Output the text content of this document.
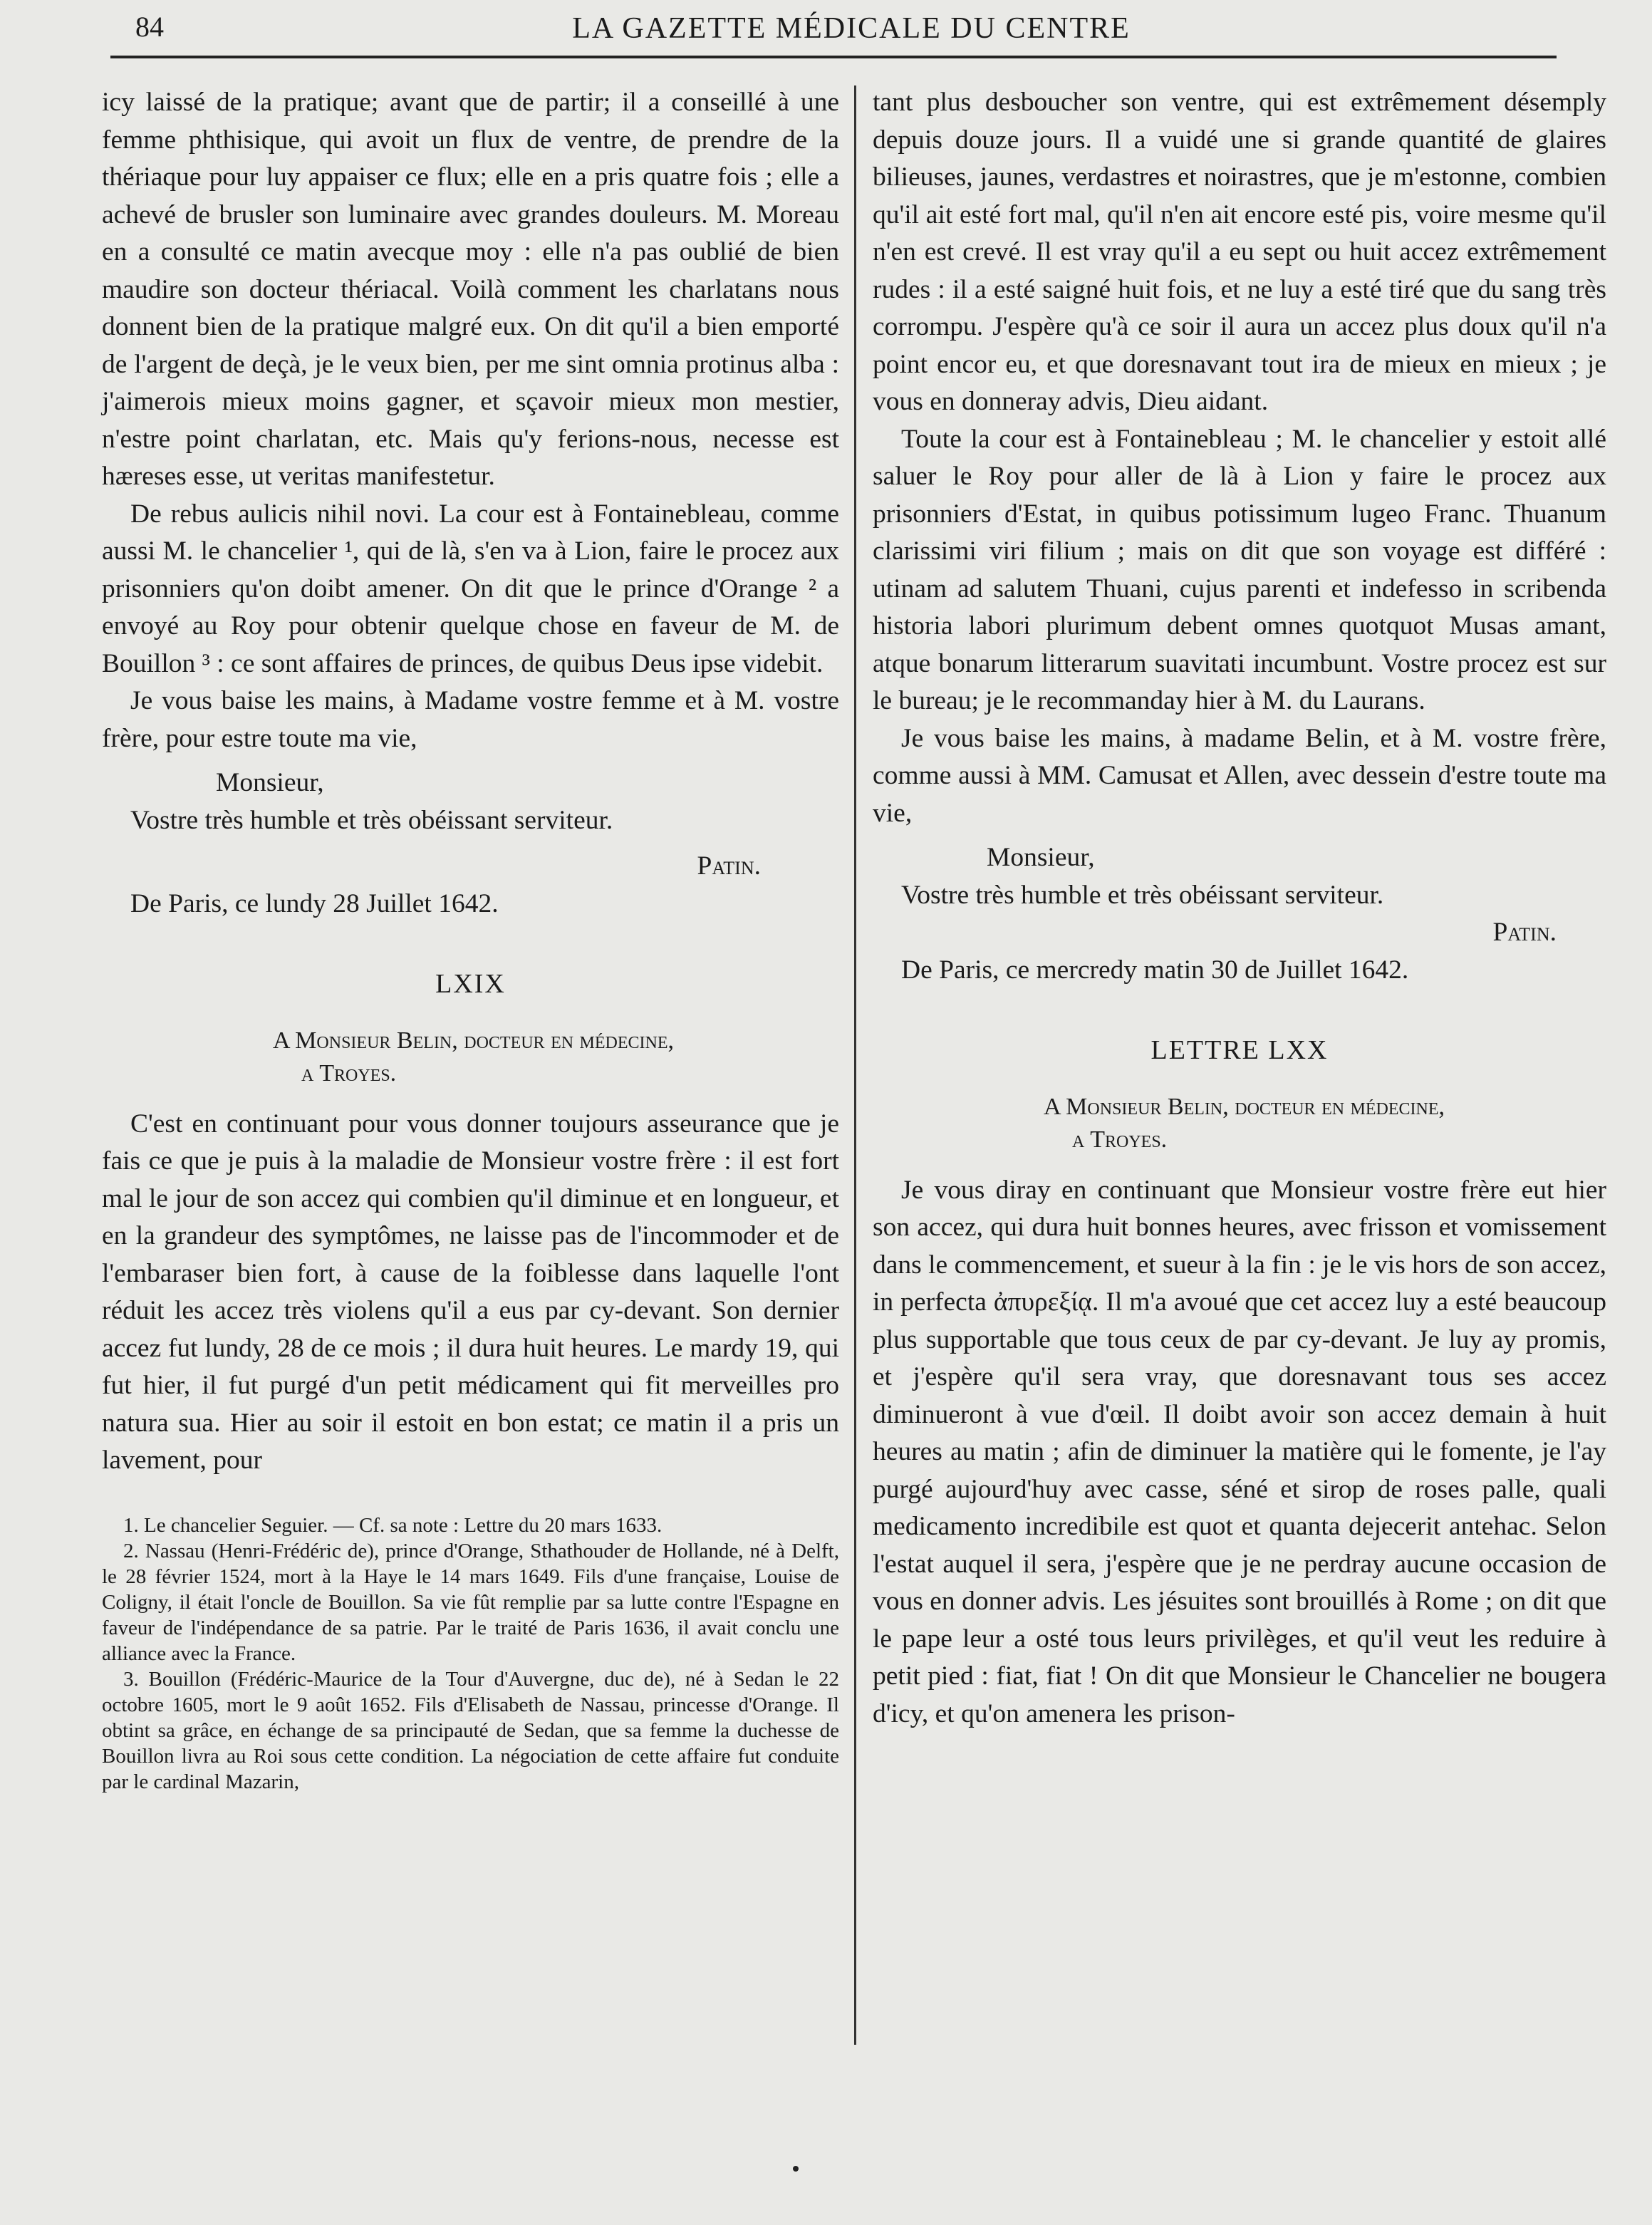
84	LA GAZETTE MÉDICALE DU CENTRE

icy laissé de la pratique; avant que de partir; il a conseillé à une femme phthisique, qui avoit un flux de ventre, de prendre de la thériaque pour luy appaiser ce flux; elle en a pris quatre fois ; elle a achevé de brusler son luminaire avec grandes douleurs. M. Moreau en a consulté ce matin avecque moy : elle n'a pas oublié de bien maudire son docteur thériacal. Voilà comment les charlatans nous donnent bien de la pratique malgré eux. On dit qu'il a bien emporté de l'argent de deçà, je le veux bien, per me sint omnia protinus alba : j'aimerois mieux moins gagner, et sçavoir mieux mon mestier, n'estre point charlatan, etc. Mais qu'y ferions-nous, necesse est hæreses esse, ut veritas manifestetur.

De rebus aulicis nihil novi. La cour est à Fontainebleau, comme aussi M. le chancelier ¹, qui de là, s'en va à Lion, faire le procez aux prisonniers qu'on doibt amener. On dit que le prince d'Orange ² a envoyé au Roy pour obtenir quelque chose en faveur de M. de Bouillon ³ : ce sont affaires de princes, de quibus Deus ipse videbit.

Je vous baise les mains, à Madame vostre femme et à M. vostre frère, pour estre toute ma vie,

Monsieur,

Vostre très humble et très obéissant serviteur.

Patin.

De Paris, ce lundy 28 Juillet 1642.

LXIX
A Monsieur Belin, docteur en médecine,
a Troyes.

C'est en continuant pour vous donner toujours asseurance que je fais ce que je puis à la maladie de Monsieur vostre frère : il est fort mal le jour de son accez qui combien qu'il diminue et en longueur, et en la grandeur des symptômes, ne laisse pas de l'incommoder et de l'embaraser bien fort, à cause de la foiblesse dans laquelle l'ont réduit les accez très violens qu'il a eus par cy-devant. Son dernier accez fut lundy, 28 de ce mois ; il dura huit heures. Le mardy 19, qui fut hier, il fut purgé d'un petit médicament qui fit merveilles pro natura sua. Hier au soir il estoit en bon estat; ce matin il a pris un lavement, pour

1. Le chancelier Seguier. — Cf. sa note : Lettre du 20 mars 1633.

2. Nassau (Henri-Frédéric de), prince d'Orange, Sthathouder de Hollande, né à Delft, le 28 février 1524, mort à la Haye le 14 mars 1649. Fils d'une française, Louise de Coligny, il était l'oncle de Bouillon. Sa vie fût remplie par sa lutte contre l'Espagne en faveur de l'indépendance de sa patrie. Par le traité de Paris 1636, il avait conclu une alliance avec la France.

3. Bouillon (Frédéric-Maurice de la Tour d'Auvergne, duc de), né à Sedan le 22 octobre 1605, mort le 9 août 1652. Fils d'Elisabeth de Nassau, princesse d'Orange. Il obtint sa grâce, en échange de sa principauté de Sedan, que sa femme la duchesse de Bouillon livra au Roi sous cette condition. La négociation de cette affaire fut conduite par le cardinal Mazarin,

tant plus desboucher son ventre, qui est extrêmement désemply depuis douze jours. Il a vuidé une si grande quantité de glaires bilieuses, jaunes, verdastres et noirastres, que je m'estonne, combien qu'il ait esté fort mal, qu'il n'en ait encore esté pis, voire mesme qu'il n'en est crevé. Il est vray qu'il a eu sept ou huit accez extrêmement rudes : il a esté saigné huit fois, et ne luy a esté tiré que du sang très corrompu. J'espère qu'à ce soir il aura un accez plus doux qu'il n'a point encor eu, et que doresnavant tout ira de mieux en mieux ; je vous en donneray advis, Dieu aidant.

Toute la cour est à Fontainebleau ; M. le chancelier y estoit allé saluer le Roy pour aller de là à Lion y faire le procez aux prisonniers d'Estat, in quibus potissimum lugeo Franc. Thuanum clarissimi viri filium ; mais on dit que son voyage est différé : utinam ad salutem Thuani, cujus parenti et indefesso in scribenda historia labori plurimum debent omnes quotquot Musas amant, atque bonarum litterarum suavitati incumbunt. Vostre procez est sur le bureau; je le recommanday hier à M. du Laurans.

Je vous baise les mains, à madame Belin, et à M. vostre frère, comme aussi à MM. Camusat et Allen, avec dessein d'estre toute ma vie,

Monsieur,

Vostre très humble et très obéissant serviteur.

Patin.

De Paris, ce mercredy matin 30 de Juillet 1642.

LETTRE LXX
A Monsieur Belin, docteur en médecine,
a Troyes.

Je vous diray en continuant que Monsieur vostre frère eut hier son accez, qui dura huit bonnes heures, avec frisson et vomissement dans le commencement, et sueur à la fin : je le vis hors de son accez, in perfecta ἀπυρεξίᾳ. Il m'a avoué que cet accez luy a esté beaucoup plus supportable que tous ceux de par cy-devant. Je luy ay promis, et j'espère qu'il sera vray, que doresnavant tous ses accez diminueront à vue d'œil. Il doibt avoir son accez demain à huit heures au matin ; afin de diminuer la matière qui le fomente, je l'ay purgé aujourd'huy avec casse, séné et sirop de roses palle, quali medicamento incredibile est quot et quanta dejecerit antehac. Selon l'estat auquel il sera, j'espère que je ne perdray aucune occasion de vous en donner advis. Les jésuites sont brouillés à Rome ; on dit que le pape leur a osté tous leurs privilèges, et qu'il veut les reduire à petit pied : fiat, fiat ! On dit que Monsieur le Chancelier ne bougera d'icy, et qu'on amenera les prison-
